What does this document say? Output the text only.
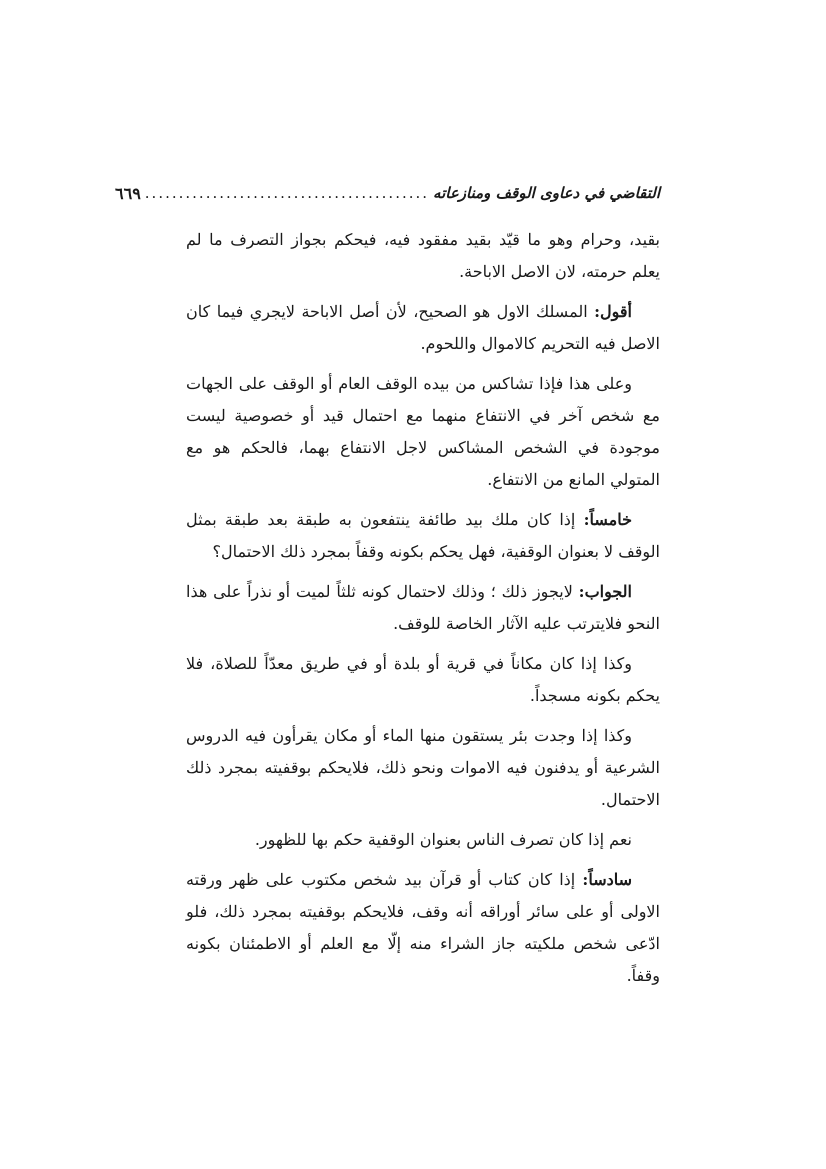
التقاضي في دعاوى الوقف ومنازعاته
..........................................
٦٦٩

بقيد، وحرام وهو ما قيّد بقيد مفقود فيه، فيحكم بجواز التصرف ما لم يعلم حرمته، لان الاصل الاباحة.

أقول: المسلك الاول هو الصحيح، لأن أصل الاباحة لايجري فيما كان الاصل فيه التحريم كالاموال واللحوم.

وعلى هذا فإذا تشاكس من بيده الوقف العام أو الوقف على الجهات مع شخص آخر في الانتفاع منهما مع احتمال قيد أو خصوصية ليست موجودة في الشخص المشاكس لاجل الانتفاع بهما، فالحكم هو مع المتولي المانع من الانتفاع.

خامساً: إذا كان ملك بيد طائفة ينتفعون به طبقة بعد طبقة بمثل الوقف لا بعنوان الوقفية، فهل يحكم بكونه وقفاً بمجرد ذلك الاحتمال؟

الجواب: لايجوز ذلك ؛ وذلك لاحتمال كونه ثلثاً لميت أو نذراً على هذا النحو فلايترتب عليه الآثار الخاصة للوقف.

وكذا إذا كان مكاناً في قرية أو بلدة أو في طريق معدّاً للصلاة، فلا يحكم بكونه مسجداً.

وكذا إذا وجدت بئر يستقون منها الماء أو مكان يقرأون فيه الدروس الشرعية أو يدفنون فيه الاموات ونحو ذلك، فلايحكم بوقفيته بمجرد ذلك الاحتمال.

نعم إذا كان تصرف الناس بعنوان الوقفية حكم بها للظهور.

سادساً: إذا كان كتاب أو قرآن بيد شخص مكتوب على ظهر ورقته الاولى أو على سائر أوراقه أنه وقف، فلايحكم بوقفيته بمجرد ذلك، فلو ادّعى شخص ملكيته جاز الشراء منه إلّا مع العلم أو الاطمئنان بكونه وقفاً.
